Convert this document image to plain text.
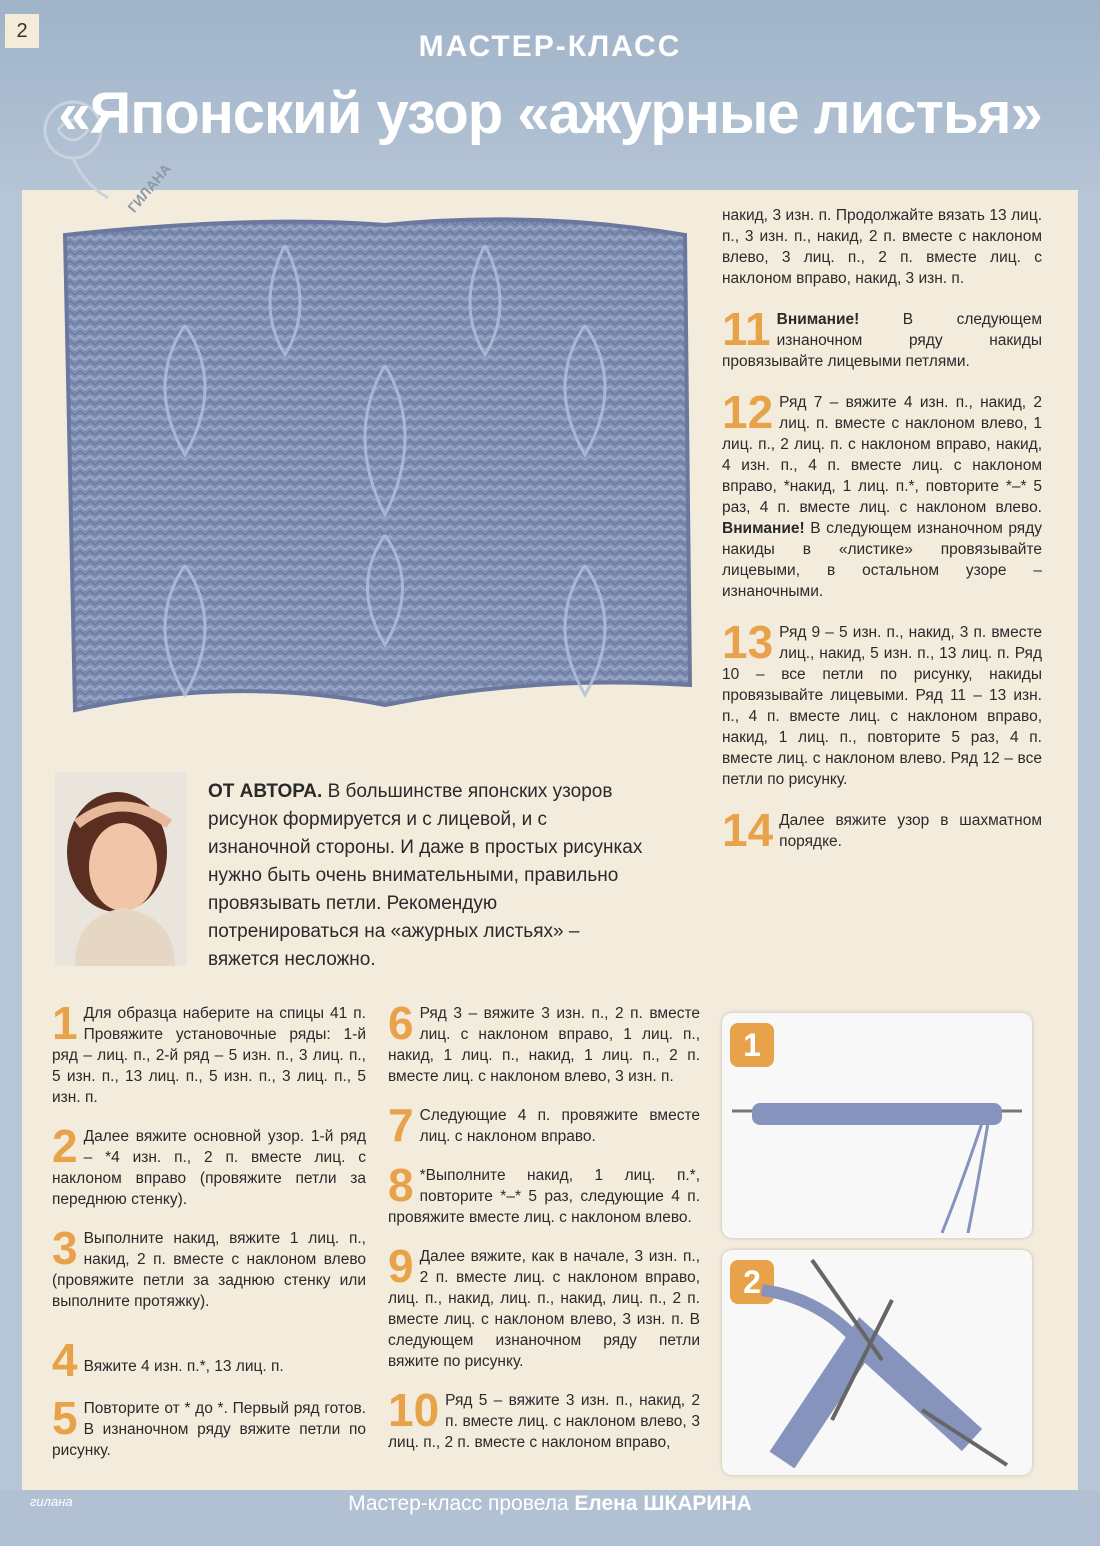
2
ГИЛАНА
МАСТЕР-КЛАСС
«Японский узор «ажурные листья»

накид, 3 изн. п. Продолжайте вязать 13 лиц. п., 3 изн. п., накид, 2 п. вместе с наклоном влево, 3 лиц. п., 2 п. вместе лиц. с наклоном вправо, накид, 3 изн. п.

11 Внимание! В следующем изнаночном ряду накиды провязывайте лицевыми петлями.

12 Ряд 7 – вяжите 4 изн. п., накид, 2 лиц. п. вместе с наклоном влево, 1 лиц. п., 2 лиц. п. с наклоном вправо, накид, 4 изн. п., 4 п. вместе лиц. с наклоном вправо, *накид, 1 лиц. п.*, повторите *–* 5 раз, 4 п. вместе лиц. с наклоном влево. Внимание! В следующем изнаночном ряду накиды в «листике» провязывайте лицевыми, в остальном узоре – изнаночными.

13 Ряд 9 – 5 изн. п., накид, 3 п. вместе лиц., накид, 5 изн. п., 13 лиц. п. Ряд 10 – все петли по рисунку, накиды провязывайте лицевыми. Ряд 11 – 13 изн. п., 4 п. вместе лиц. с наклоном вправо, накид, 1 лиц. п., повторите 5 раз, 4 п. вместе лиц. с наклоном влево. Ряд 12 – все петли по рисунку.

14 Далее вяжите узор в шахматном порядке.

ОТ АВТОРА. В большинстве японских узоров рисунок формируется и с лицевой, и с изнаночной стороны. И даже в простых рисунках нужно быть очень внимательными, правильно провязывать петли. Рекомендую потренироваться на «ажурных листьях» – вяжется несложно.
1 Для образца наберите на спицы 41 п. Провяжите установочные ряды: 1-й ряд – лиц. п., 2-й ряд – 5 изн. п., 3 лиц. п., 5 изн. п., 13 лиц. п., 5 изн. п., 3 лиц. п., 5 изн. п.

2 Далее вяжите основной узор. 1-й ряд – *4 изн. п., 2 п. вместе лиц. с наклоном вправо (провяжите петли за переднюю стенку).

3 Выполните накид, вяжите 1 лиц. п., накид, 2 п. вместе с наклоном влево (провяжите петли за заднюю стенку или выполните протяжку).

4 Вяжите 4 изн. п.*, 13 лиц. п.

5 Повторите от * до *. Первый ряд готов. В изнаночном ряду вяжите петли по рисунку.

6 Ряд 3 – вяжите 3 изн. п., 2 п. вместе лиц. с наклоном вправо, 1 лиц. п., накид, 1 лиц. п., накид, 1 лиц. п., 2 п. вместе лиц. с наклоном влево, 3 изн. п.

7 Следующие 4 п. провяжите вместе лиц. с наклоном вправо.

8 *Выполните накид, 1 лиц. п.*, повторите *–* 5 раз, следующие 4 п. провяжите вместе лиц. с наклоном влево.

9 Далее вяжите, как в начале, 3 изн. п., 2 п. вместе лиц. с наклоном вправо, лиц. п., накид, лиц. п., накид, лиц. п., 2 п. вместе лиц. с наклоном влево, 3 изн. п. В следующем изнаночном ряду петли вяжите по рисунку.

10 Ряд 5 – вяжите 3 изн. п., накид, 2 п. вместе лиц. с наклоном влево, 3 лиц. п., 2 п. вместе с наклоном вправо,

1
2
гилана	Мастер-класс провела Елена ШКАРИНА
